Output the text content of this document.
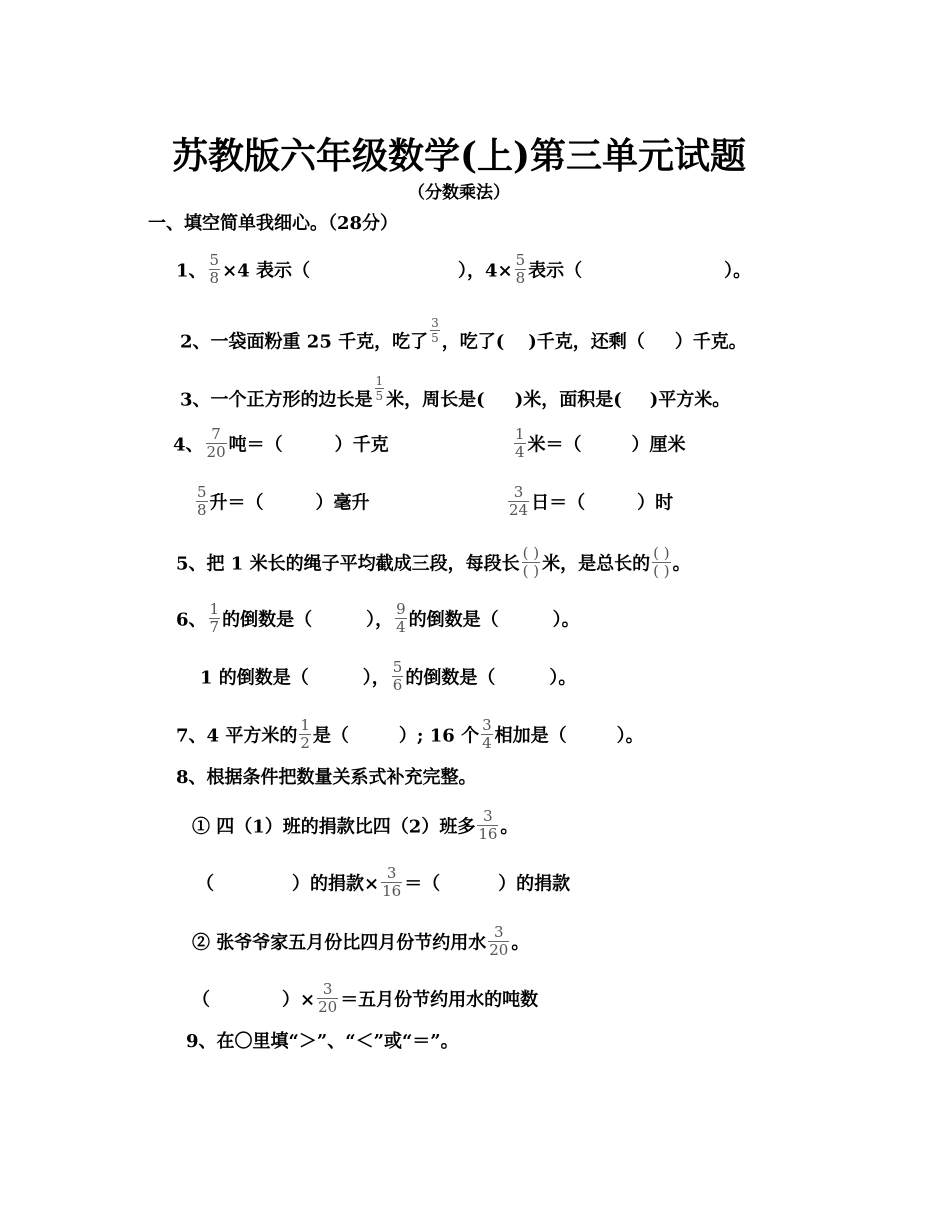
苏教版六年级数学(上)第三单元试题
（分数乘法）
一、填空简单我细心。（28分）
1、 $\frac{5}{8} \times 4$ 表示（	），$4\times \frac{5}{8}$ 表示（	）。
2、一袋面粉重 25 千克，吃了 $\frac{3}{5}$ ，吃了( )千克，还剩（ ）千克。
3、一个正方形的边长是 $\frac{1}{5}$ 米，周长是( )米，面积是( )平方米。
4、 $\frac{7}{20}$ 吨＝（	）千克	$\frac{1}{4}$ 米＝（	）厘米
$\frac{5}{8}$ 升＝（	）毫升	$\frac{3}{24}$ 日＝（	）时
5、把 1 米长的绳子平均截成三段，每段长 $\frac{( )}{( )}$ 米，是总长的 $\frac{( )}{( )}$ 。
6、 $\frac{1}{7}$ 的倒数是（	）， $\frac{9}{4}$ 的倒数是（	）。
1 的倒数是（	）， $\frac{5}{6}$ 的倒数是（	）。
7、4 平方米的 $\frac{1}{2}$ 是（	）; 16 个 $\frac{3}{4}$ 相加是（	）。
8、根据条件把数量关系式补充完整。
① 四（1）班的捐款比四（2）班多 $\frac{3}{16}$ 。
（	）的捐款× $\frac{3}{16}$ ＝（	）的捐款
② 张爷爷家五月份比四月份节约用水 $\frac{3}{20}$ 。
（	）× $\frac{3}{20}$ ＝五月份节约用水的吨数
9、在〇里填“＞”、“＜”或“＝”。
